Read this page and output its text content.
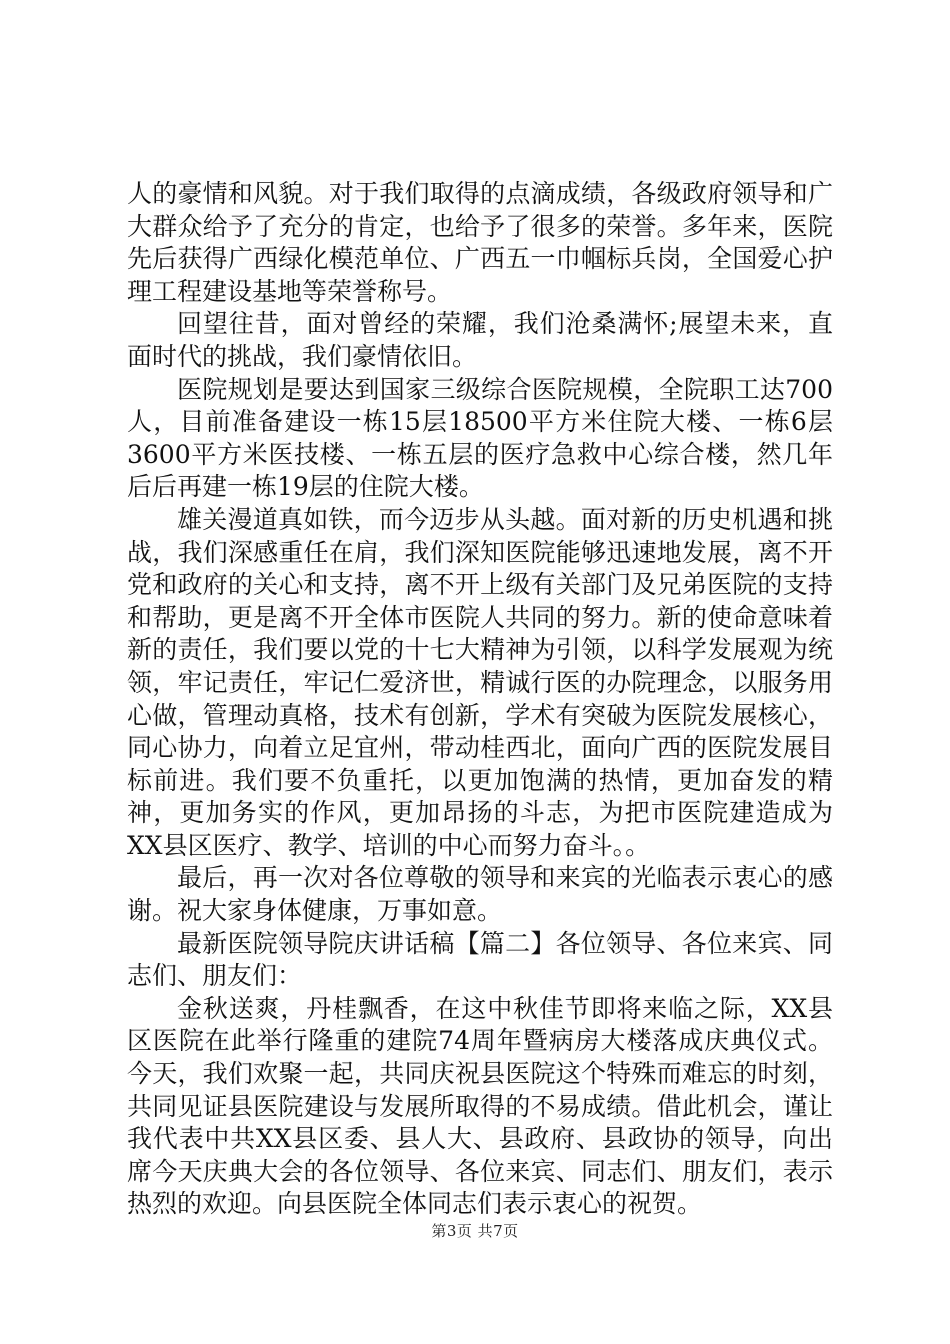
人的豪情和风貌。对于我们取得的点滴成绩，各级政府领导和广大群众给予了充分的肯定，也给予了很多的荣誉。多年来，医院先后获得广西绿化模范单位、广西五一巾帼标兵岗，全国爱心护理工程建设基地等荣誉称号。

回望往昔，面对曾经的荣耀，我们沧桑满怀;展望未来，直面时代的挑战，我们豪情依旧。

医院规划是要达到国家三级综合医院规模，全院职工达700人，目前准备建设一栋15层18500平方米住院大楼、一栋6层3600平方米医技楼、一栋五层的医疗急救中心综合楼，然几年后后再建一栋19层的住院大楼。

雄关漫道真如铁，而今迈步从头越。面对新的历史机遇和挑战，我们深感重任在肩，我们深知医院能够迅速地发展，离不开党和政府的关心和支持，离不开上级有关部门及兄弟医院的支持和帮助，更是离不开全体市医院人共同的努力。新的使命意味着新的责任，我们要以党的十七大精神为引领，以科学发展观为统领，牢记责任，牢记仁爱济世，精诚行医的办院理念，以服务用心做，管理动真格，技术有创新，学术有突破为医院发展核心，同心协力，向着立足宜州，带动桂西北，面向广西的医院发展目标前进。我们要不负重托，以更加饱满的热情，更加奋发的精神，更加务实的作风，更加昂扬的斗志，为把市医院建造成为XX县区医疗、教学、培训的中心而努力奋斗。。

最后，再一次对各位尊敬的领导和来宾的光临表示衷心的感谢。祝大家身体健康，万事如意。

最新医院领导院庆讲话稿【篇二】各位领导、各位来宾、同志们、朋友们：

金秋送爽，丹桂飘香，在这中秋佳节即将来临之际，XX县区医院在此举行隆重的建院74周年暨病房大楼落成庆典仪式。今天，我们欢聚一起，共同庆祝县医院这个特殊而难忘的时刻，共同见证县医院建设与发展所取得的不易成绩。借此机会，谨让我代表中共XX县区委、县人大、县政府、县政协的领导，向出席今天庆典大会的各位领导、各位来宾、同志们、朋友们，表示热烈的欢迎。向县医院全体同志们表示衷心的祝贺。

第3页 共7页
